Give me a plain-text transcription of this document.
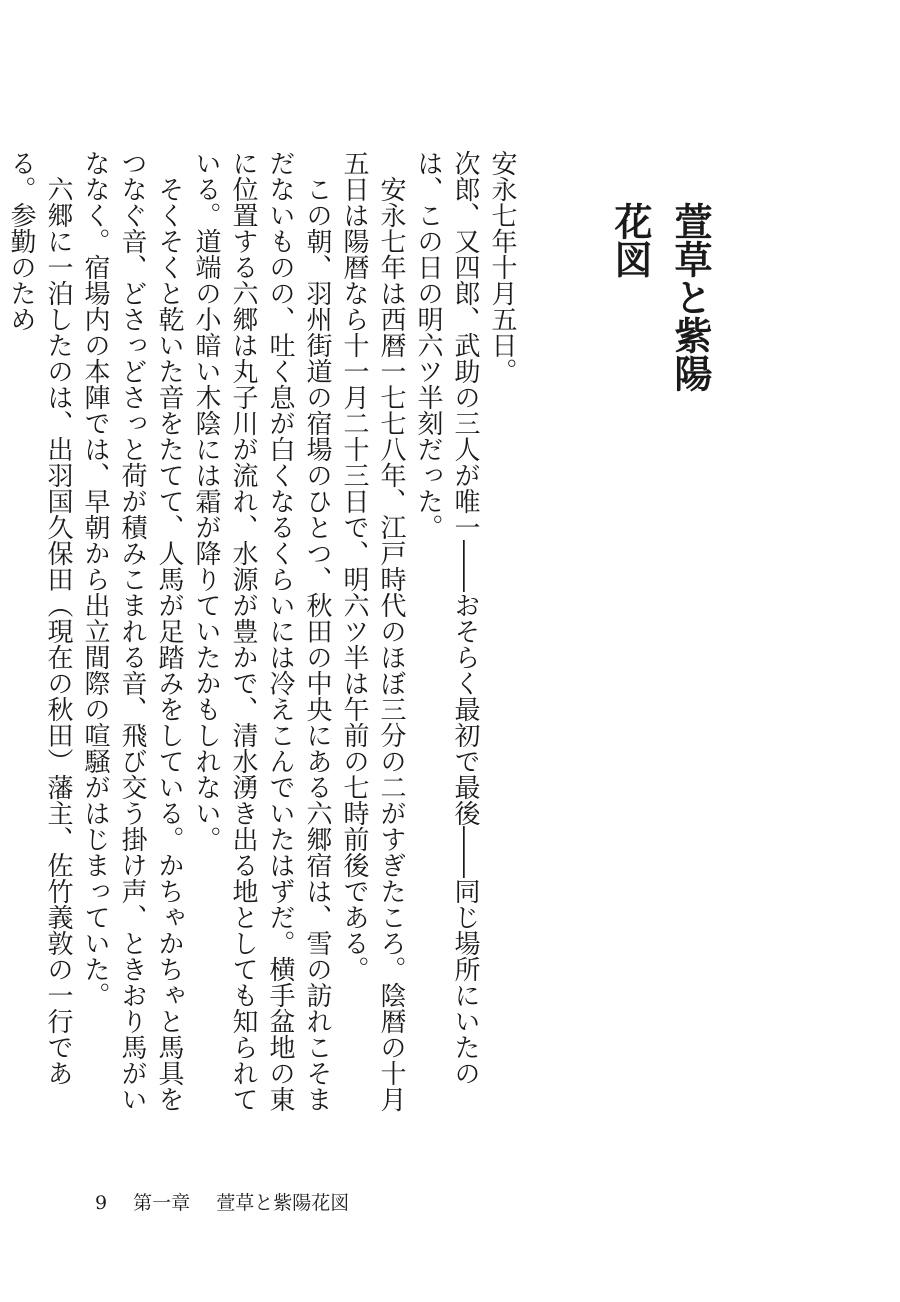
萱草と紫陽花図

安永七年十月五日。

次郎、又四郎、武助の三人が唯一――おそらく最初で最後――同じ場所にいたのは、この日の明六ツ半刻だった。

安永七年は西暦一七七八年、江戸時代のほぼ三分の二がすぎたころ。陰暦の十月五日は陽暦なら十一月二十三日で、明六ツ半は午前の七時前後である。

この朝、羽州街道の宿場のひとつ、秋田の中央にある六郷宿は、雪の訪れこそまだないものの、吐く息が白くなるくらいには冷えこんでいたはずだ。横手盆地の東に位置する六郷は丸子川が流れ、水源が豊かで、清水湧き出る地としても知られている。道端の小暗い木陰には霜が降りていたかもしれない。

そくそくと乾いた音をたてて、人馬が足踏みをしている。かちゃかちゃと馬具をつなぐ音、どさっどさっと荷が積みこまれる音、飛び交う掛け声、ときおり馬がいななく。宿場内の本陣では、早朝から出立間際の喧騒がはじまっていた。

六郷に一泊したのは、出羽国久保田（現在の秋田）藩主、佐竹義敦の一行である。参勤のため

9 第一章 萱草と紫陽花図
